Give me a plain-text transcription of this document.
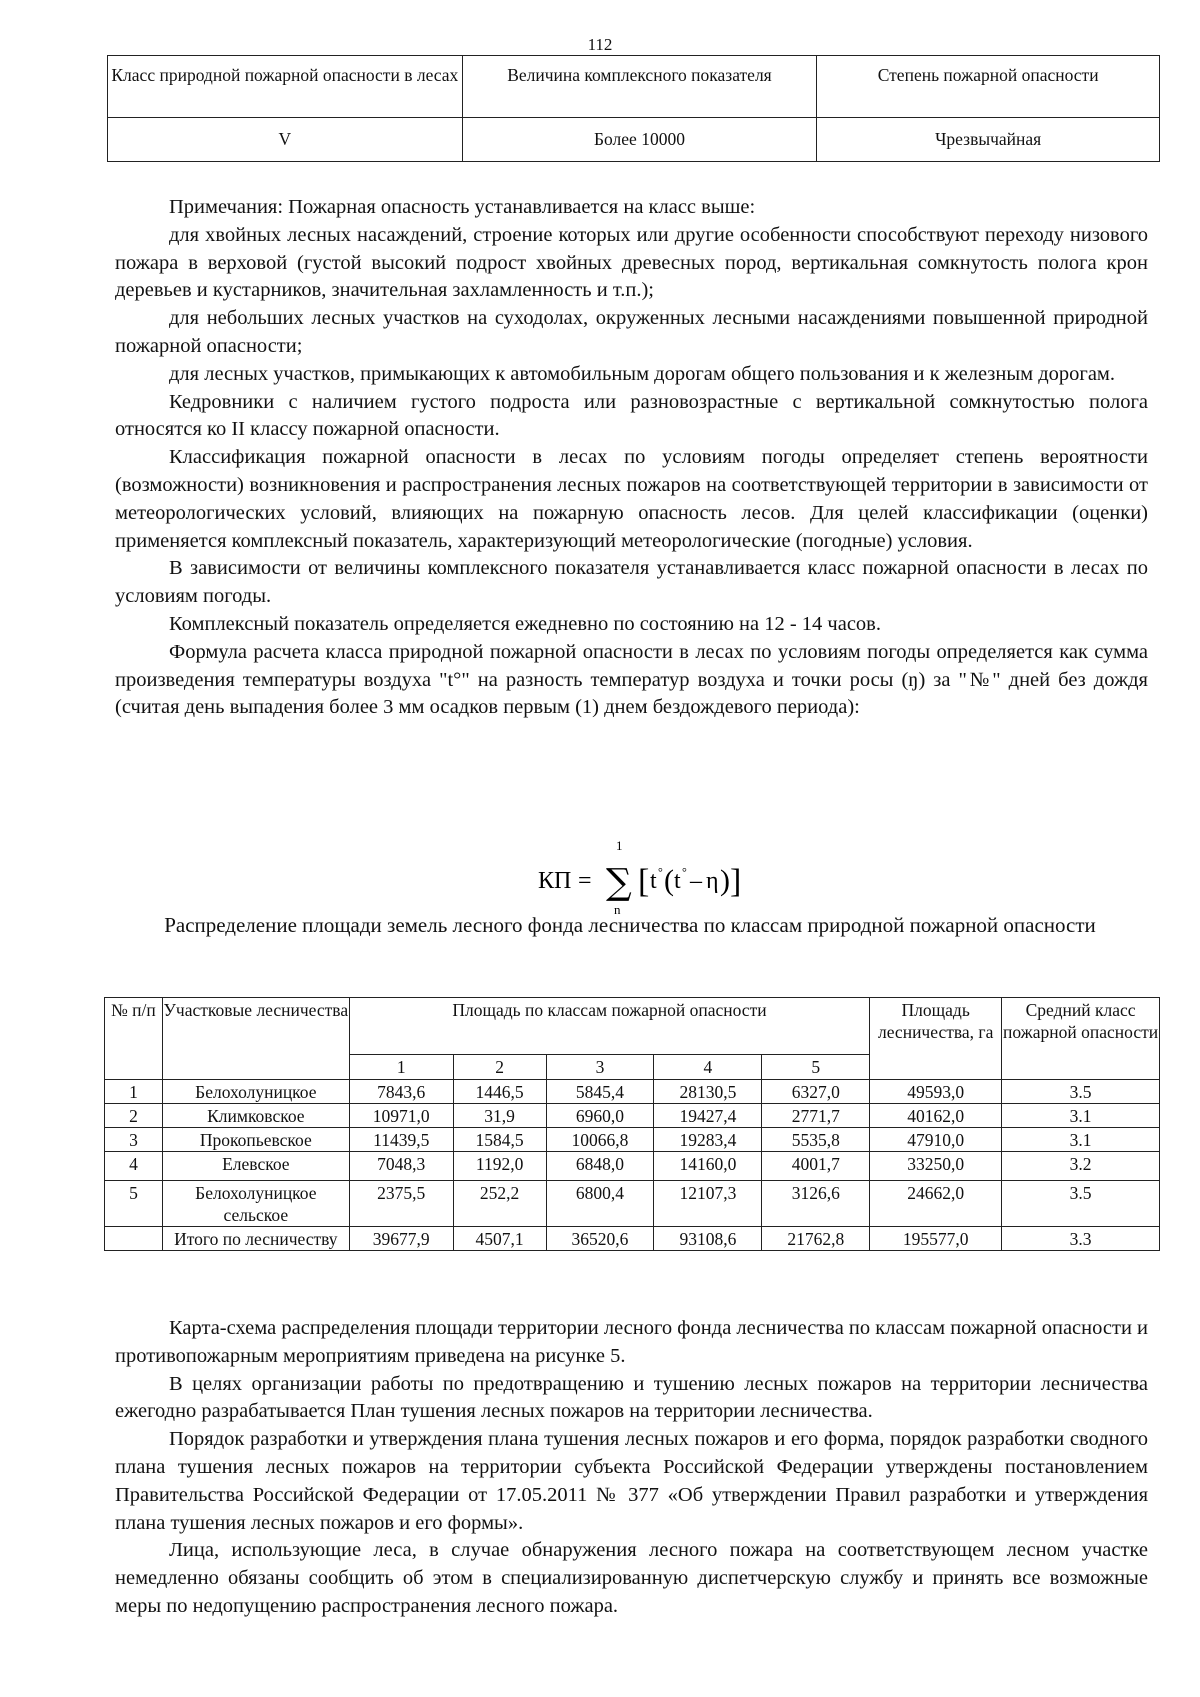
112
Класс природной пожарной опасности в лесах	Величина комплексного показателя	Степень пожарной опасности
V	Более 10000	Чрезвычайная

Примечания: Пожарная опасность устанавливается на класс выше:

для хвойных лесных насаждений, строение которых или другие особенности способствуют переходу низового пожара в верховой (густой высокий подрост хвойных древесных пород, вертикальная сомкнутость полога крон деревьев и кустарников, значительная захламленность и т.п.);

для небольших лесных участков на суходолах, окруженных лесными насаждениями повышенной природной пожарной опасности;

для лесных участков, примыкающих к автомобильным дорогам общего пользования и к железным дорогам.

Кедровники с наличием густого подроста или разновозрастные с вертикальной сомкнутостью полога относятся ко II классу пожарной опасности.

Классификация пожарной опасности в лесах по условиям погоды определяет степень вероятности (возможности) возникновения и распространения лесных пожаров на соответствующей территории в зависимости от метеорологических условий, влияющих на пожарную опасность лесов. Для целей классификации (оценки) применяется комплексный показатель, характеризующий метеорологические (погодные) условия.

В зависимости от величины комплексного показателя устанавливается класс пожарной опасности в лесах по условиям погоды.

Комплексный показатель определяется ежедневно по состоянию на 12 - 14 часов.

Формула расчета класса природной пожарной опасности в лесах по условиям погоды определяется как сумма произведения температуры воздуха "t°" на разность температур воздуха и точки росы (ŋ) за "№" дней без дождя (считая день выпадения более 3 мм осадков первым (1) днем бездождевого периода):

КП = ∑
1
n
[ t ° ( t ° – η ) ]
Распределение площади земель лесного фонда лесничества по классам природной пожарной опасности
№ п/п	Участковые лесничества	Площадь по классам пожарной опасности					Площадь лесничества, га	Средний класс пожарной опасности
		1	2	3	4	5		
1	Белохолуницкое	7843,6	1446,5	5845,4	28130,5	6327,0	49593,0	3.5
2	Климковское	10971,0	31,9	6960,0	19427,4	2771,7	40162,0	3.1
3	Прокопьевское	11439,5	1584,5	10066,8	19283,4	5535,8	47910,0	3.1
4	Елевское	7048,3	1192,0	6848,0	14160,0	4001,7	33250,0	3.2
5	Белохолуницкое сельское	2375,5	252,2	6800,4	12107,3	3126,6	24662,0	3.5
	Итого по лесничеству	39677,9	4507,1	36520,6	93108,6	21762,8	195577,0	3.3

Карта-схема распределения площади территории лесного фонда лесничества по классам пожарной опасности и противопожарным мероприятиям приведена на рисунке 5.

В целях организации работы по предотвращению и тушению лесных пожаров на территории лесничества ежегодно разрабатывается План тушения лесных пожаров на территории лесничества.

Порядок разработки и утверждения плана тушения лесных пожаров и его форма, порядок разработки сводного плана тушения лесных пожаров на территории субъекта Российской Федерации утверждены постановлением Правительства Российской Федерации от 17.05.2011 № 377 «Об утверждении Правил разработки и утверждения плана тушения лесных пожаров и его формы».

Лица, использующие леса, в случае обнаружения лесного пожара на соответствующем лесном участке немедленно обязаны сообщить об этом в специализированную диспетчерскую службу и принять все возможные меры по недопущению распространения лесного пожара.
